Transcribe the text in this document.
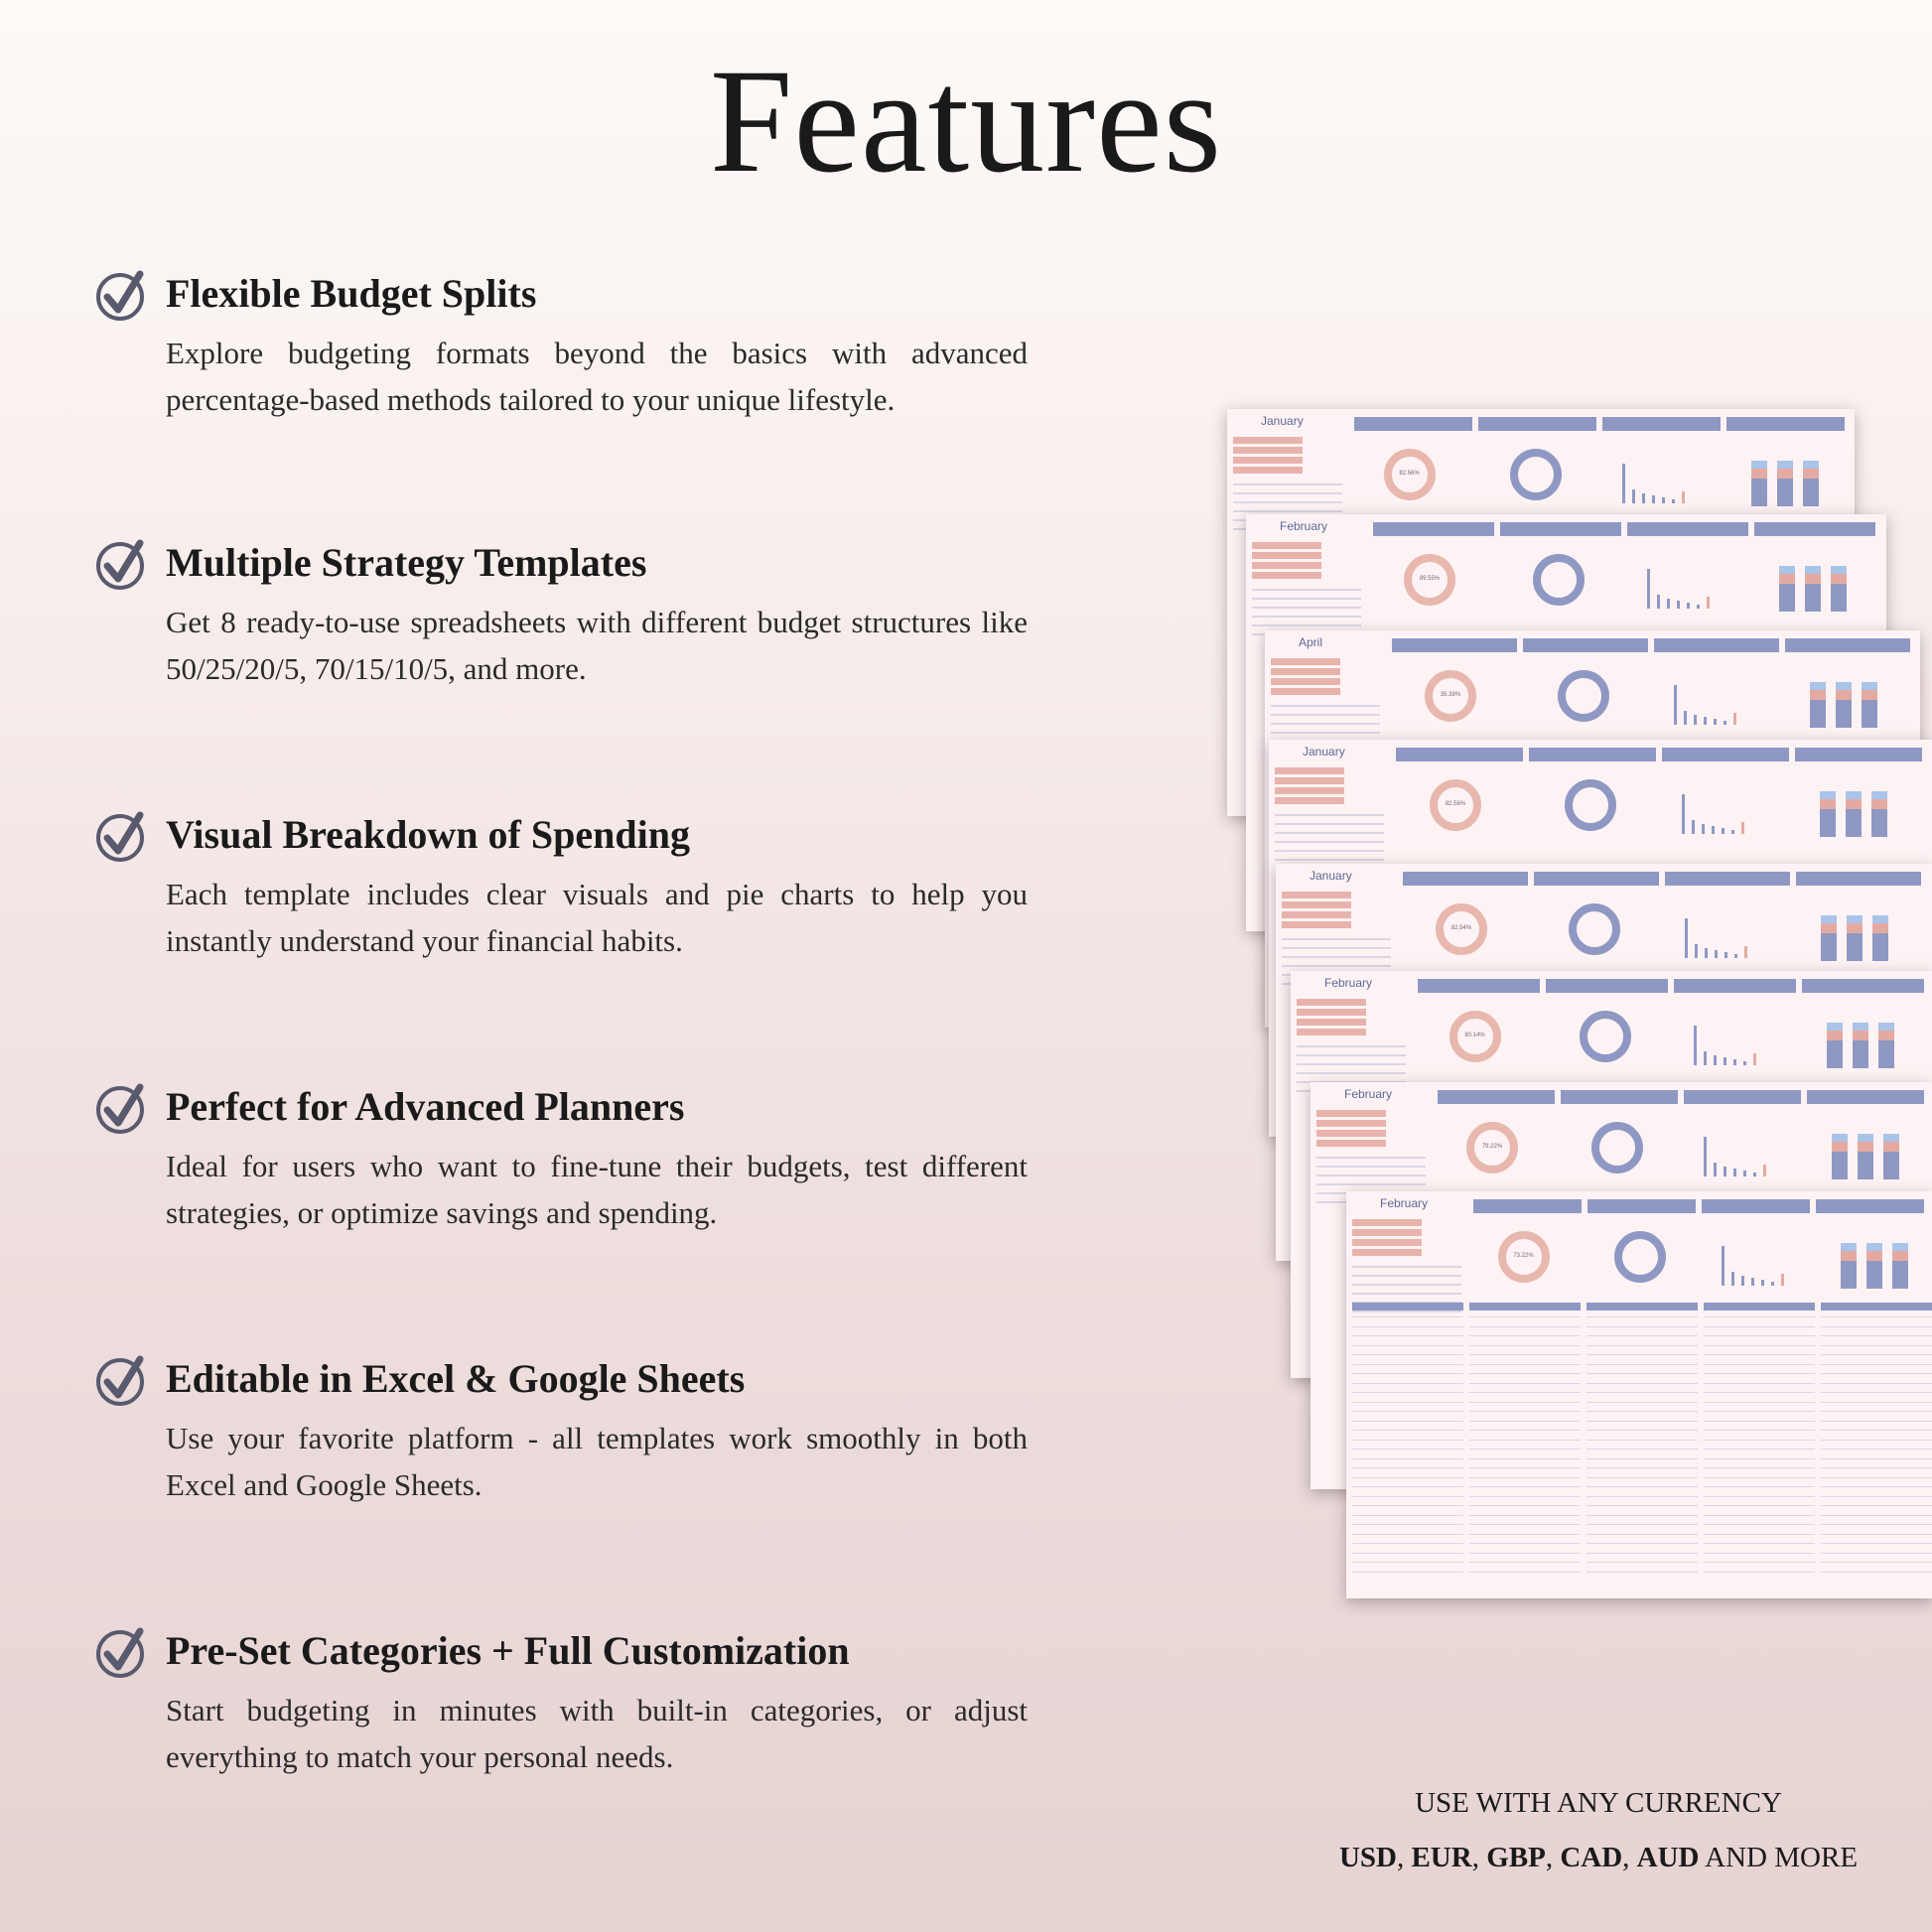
Features
Flexible Budget Splits
Explore budgeting formats beyond the basics with advanced percentage-based methods tailored to your unique lifestyle.
Multiple Strategy Templates
Get 8 ready-to-use spreadsheets with different budget structures like 50/25/20/5, 70/15/10/5, and more.
Visual Breakdown of Spending
Each template includes clear visuals and pie charts to help you instantly understand your financial habits.
Perfect for Advanced Planners
Ideal for users who want to fine-tune their budgets, test different strategies, or optimize savings and spending.
Editable in Excel & Google Sheets
Use your favorite platform - all templates work smoothly in both Excel and Google Sheets.
Pre-Set Categories + Full Customization
Start budgeting in minutes with built-in categories, or adjust everything to match your personal needs.
January
82.56%
February
89.55%
April
35.38%
January
82.56%
January
82.54%
February
80.14%
February
79.22%
February
73.22%
USE WITH ANY CURRENCY
USD, EUR, GBP, CAD, AUD AND MORE
